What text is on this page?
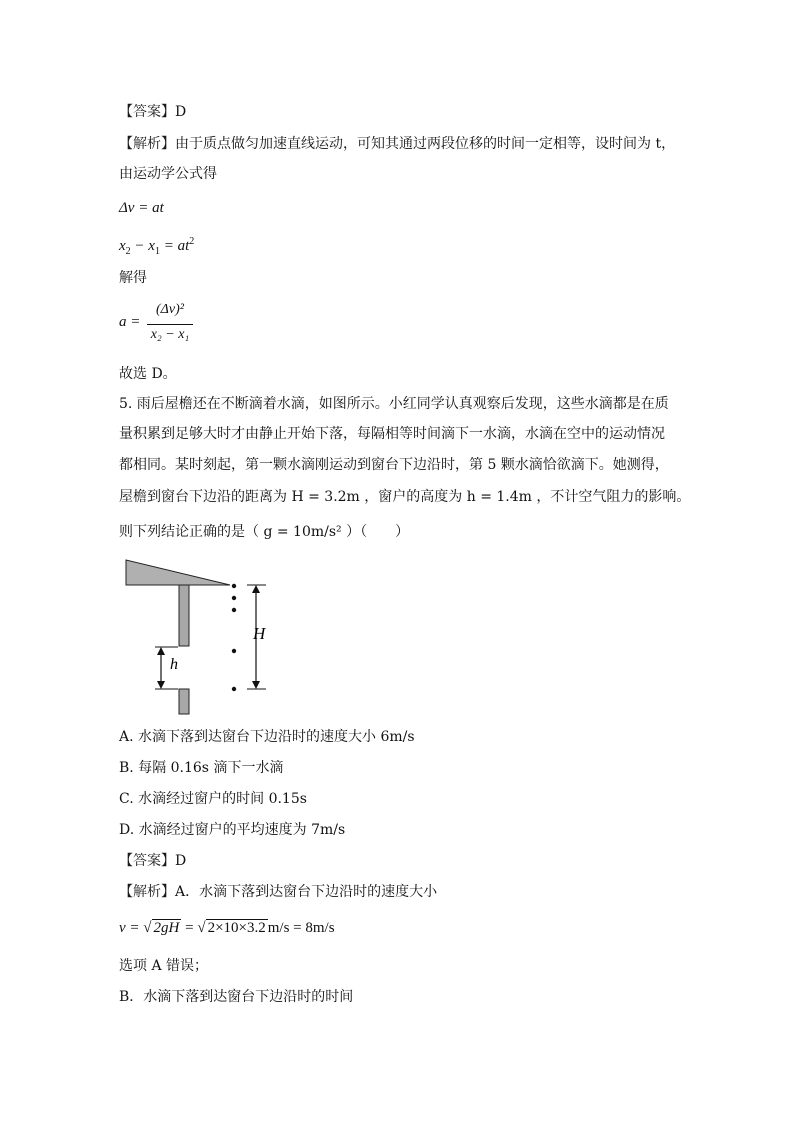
【答案】D
【解析】由于质点做匀加速直线运动，可知其通过两段位移的时间一定相等，设时间为 t，
由运动学公式得
Δv = at
$x_2 - x_1 = at^2$
解得
a =
(Δv)²
x₂ − x₁
故选 D。
5. 雨后屋檐还在不断滴着水滴，如图所示。小红同学认真观察后发现，这些水滴都是在质
量积累到足够大时才由静止开始下落，每隔相等时间滴下一水滴，水滴在空中的运动情况
都相同。某时刻起，第一颗水滴刚运动到窗台下边沿时，第 5 颗水滴恰欲滴下。她测得，
屋檐到窗台下边沿的距离为 H = 3.2m ，窗户的高度为 h = 1.4m ，不计空气阻力的影响。
则下列结论正确的是（ g = 10m/s² ）（　　）
h
H
A. 水滴下落到达窗台下边沿时的速度大小 6m/s
B. 每隔 0.16s 滴下一水滴
C. 水滴经过窗户的时间 0.15s
D. 水滴经过窗户的平均速度为 7m/s
【答案】D
【解析】A．水滴下落到达窗台下边沿时的速度大小
v = √ 2gH = √ 2×10×3.2 m/s = 8m/s
选项 A 错误；
B．水滴下落到达窗台下边沿时的时间
